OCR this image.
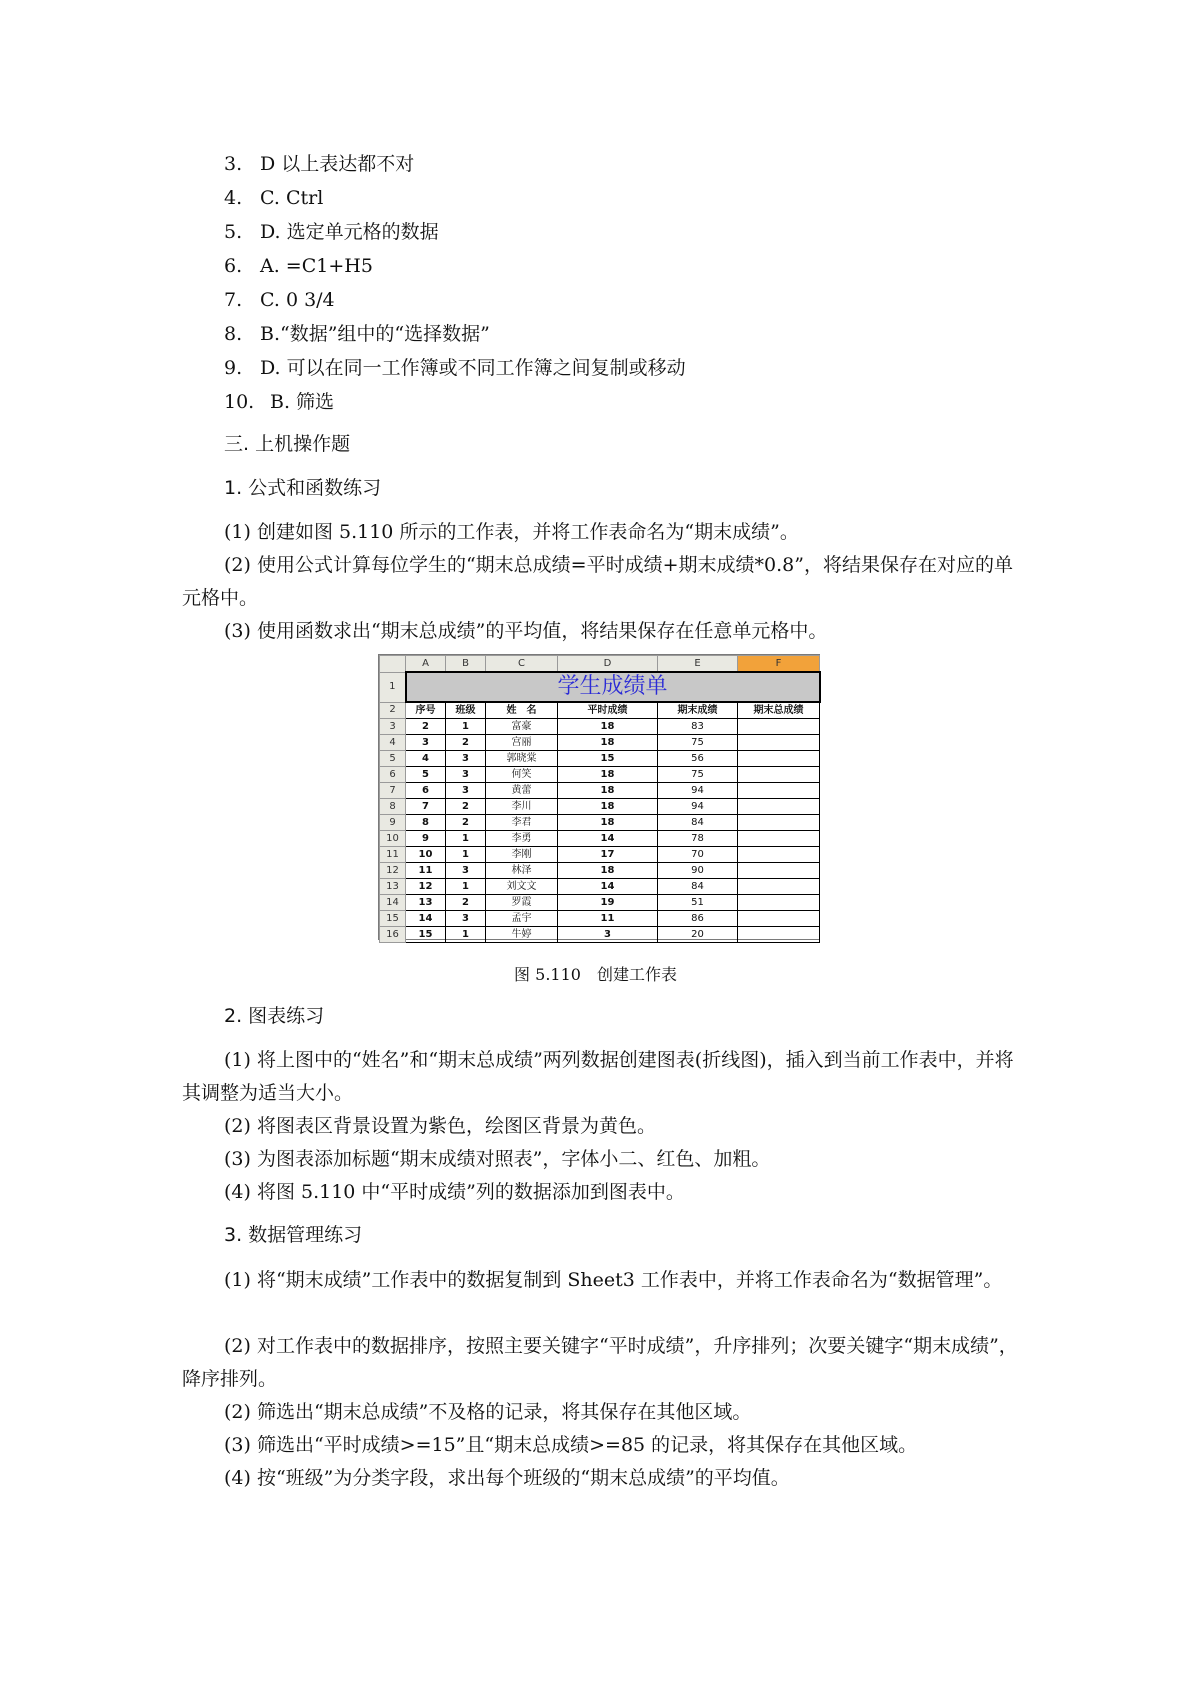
3. D 以上表达都不对
4. C. Ctrl
5. D. 选定单元格的数据
6. A. =C1+H5
7. C. 0 3/4
8. B.“数据”组中的“选择数据”
9. D. 可以在同一工作簿或不同工作簿之间复制或移动
10. B. 筛选
三. 上机操作题
1. 公式和函数练习

(1) 创建如图 5.110 所示的工作表，并将工作表命名为“期末成绩”。

(2) 使用公式计算每位学生的“期末总成绩=平时成绩+期末成绩*0.8”，将结果保存在对应的单元格中。

(3) 使用函数求出“期末总成绩”的平均值，将结果保存在任意单元格中。

	A	B	C	D	E	F
1	学生成绩单					
2	序号	班级	姓　名	平时成绩	期末成绩	期末总成绩
3	2	1	富豪	18	83	
4	3	2	宫丽	18	75	
5	4	3	郭晓棠	15	56	
6	5	3	何笑	18	75	
7	6	3	黄蕾	18	94	
8	7	2	李川	18	94	
9	8	2	李君	18	84	
10	9	1	李勇	14	78	
11	10	1	李刚	17	70	
12	11	3	林泽	18	90	
13	12	1	刘文文	14	84	
14	13	2	罗霞	19	51	
15	14	3	孟宇	11	86	
16	15	1	牛婷	3	20	
图 5.110　创建工作表
2. 图表练习

(1) 将上图中的“姓名”和“期末总成绩”两列数据创建图表(折线图)，插入到当前工作表中，并将其调整为适当大小。

(2) 将图表区背景设置为紫色，绘图区背景为黄色。

(3) 为图表添加标题“期末成绩对照表”，字体小二、红色、加粗。

(4) 将图 5.110 中“平时成绩”列的数据添加到图表中。

3. 数据管理练习

(1) 将“期末成绩”工作表中的数据复制到 Sheet3 工作表中，并将工作表命名为“数据管理”。

(2) 对工作表中的数据排序，按照主要关键字“平时成绩”，升序排列；次要关键字“期末成绩”，降序排列。

(2) 筛选出“期末总成绩”不及格的记录，将其保存在其他区域。

(3) 筛选出“平时成绩>=15”且“期末总成绩>=85 的记录，将其保存在其他区域。

(4) 按“班级”为分类字段，求出每个班级的“期末总成绩”的平均值。
